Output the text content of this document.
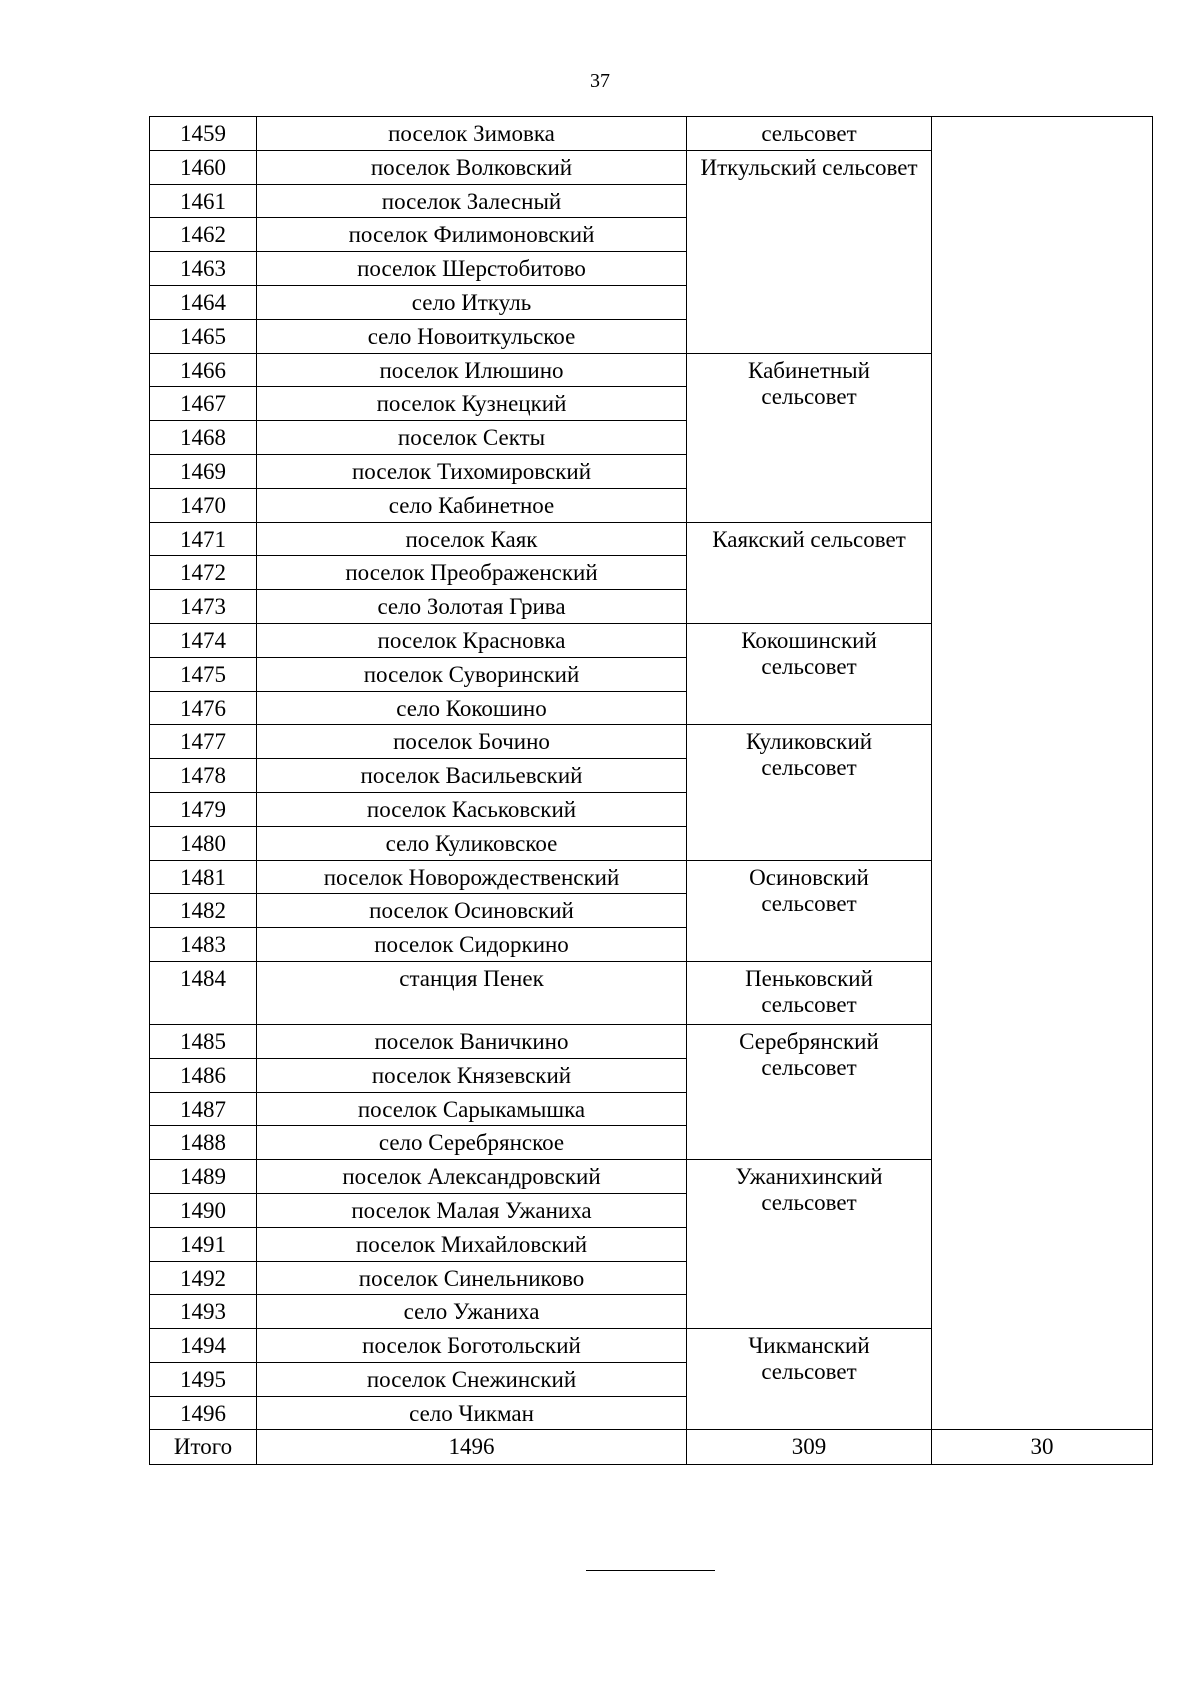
37
1459	поселок Зимовка	сельсовет	
1460	поселок Волковский	Иткульский сельсовет	
1461	поселок Залесный		
1462	поселок Филимоновский		
1463	поселок Шерстобитово		
1464	село Иткуль		
1465	село Новоиткульское		
1466	поселок Илюшино	Кабинетный
сельсовет	
1467	поселок Кузнецкий		
1468	поселок Секты		
1469	поселок Тихомировский		
1470	село Кабинетное		
1471	поселок Каяк	Каякский сельсовет	
1472	поселок Преображенский		
1473	село Золотая Грива		
1474	поселок Красновка	Кокошинский
сельсовет	
1475	поселок Суворинский		
1476	село Кокошино		
1477	поселок Бочино	Куликовский
сельсовет	
1478	поселок Васильевский		
1479	поселок Каськовский		
1480	село Куликовское		
1481	поселок Новорождественский	Осиновский
сельсовет	
1482	поселок Осиновский		
1483	поселок Сидоркино		
1484	станция Пенек	Пеньковский
сельсовет	
1485	поселок Ваничкино	Серебрянский
сельсовет	
1486	поселок Князевский		
1487	поселок Сарыкамышка		
1488	село Серебрянское		
1489	поселок Александровский	Ужанихинский
сельсовет	
1490	поселок Малая Ужаниха		
1491	поселок Михайловский		
1492	поселок Синельниково		
1493	село Ужаниха		
1494	поселок Боготольский	Чикманский
сельсовет	
1495	поселок Снежинский		
1496	село Чикман		
Итого	1496	309	30
